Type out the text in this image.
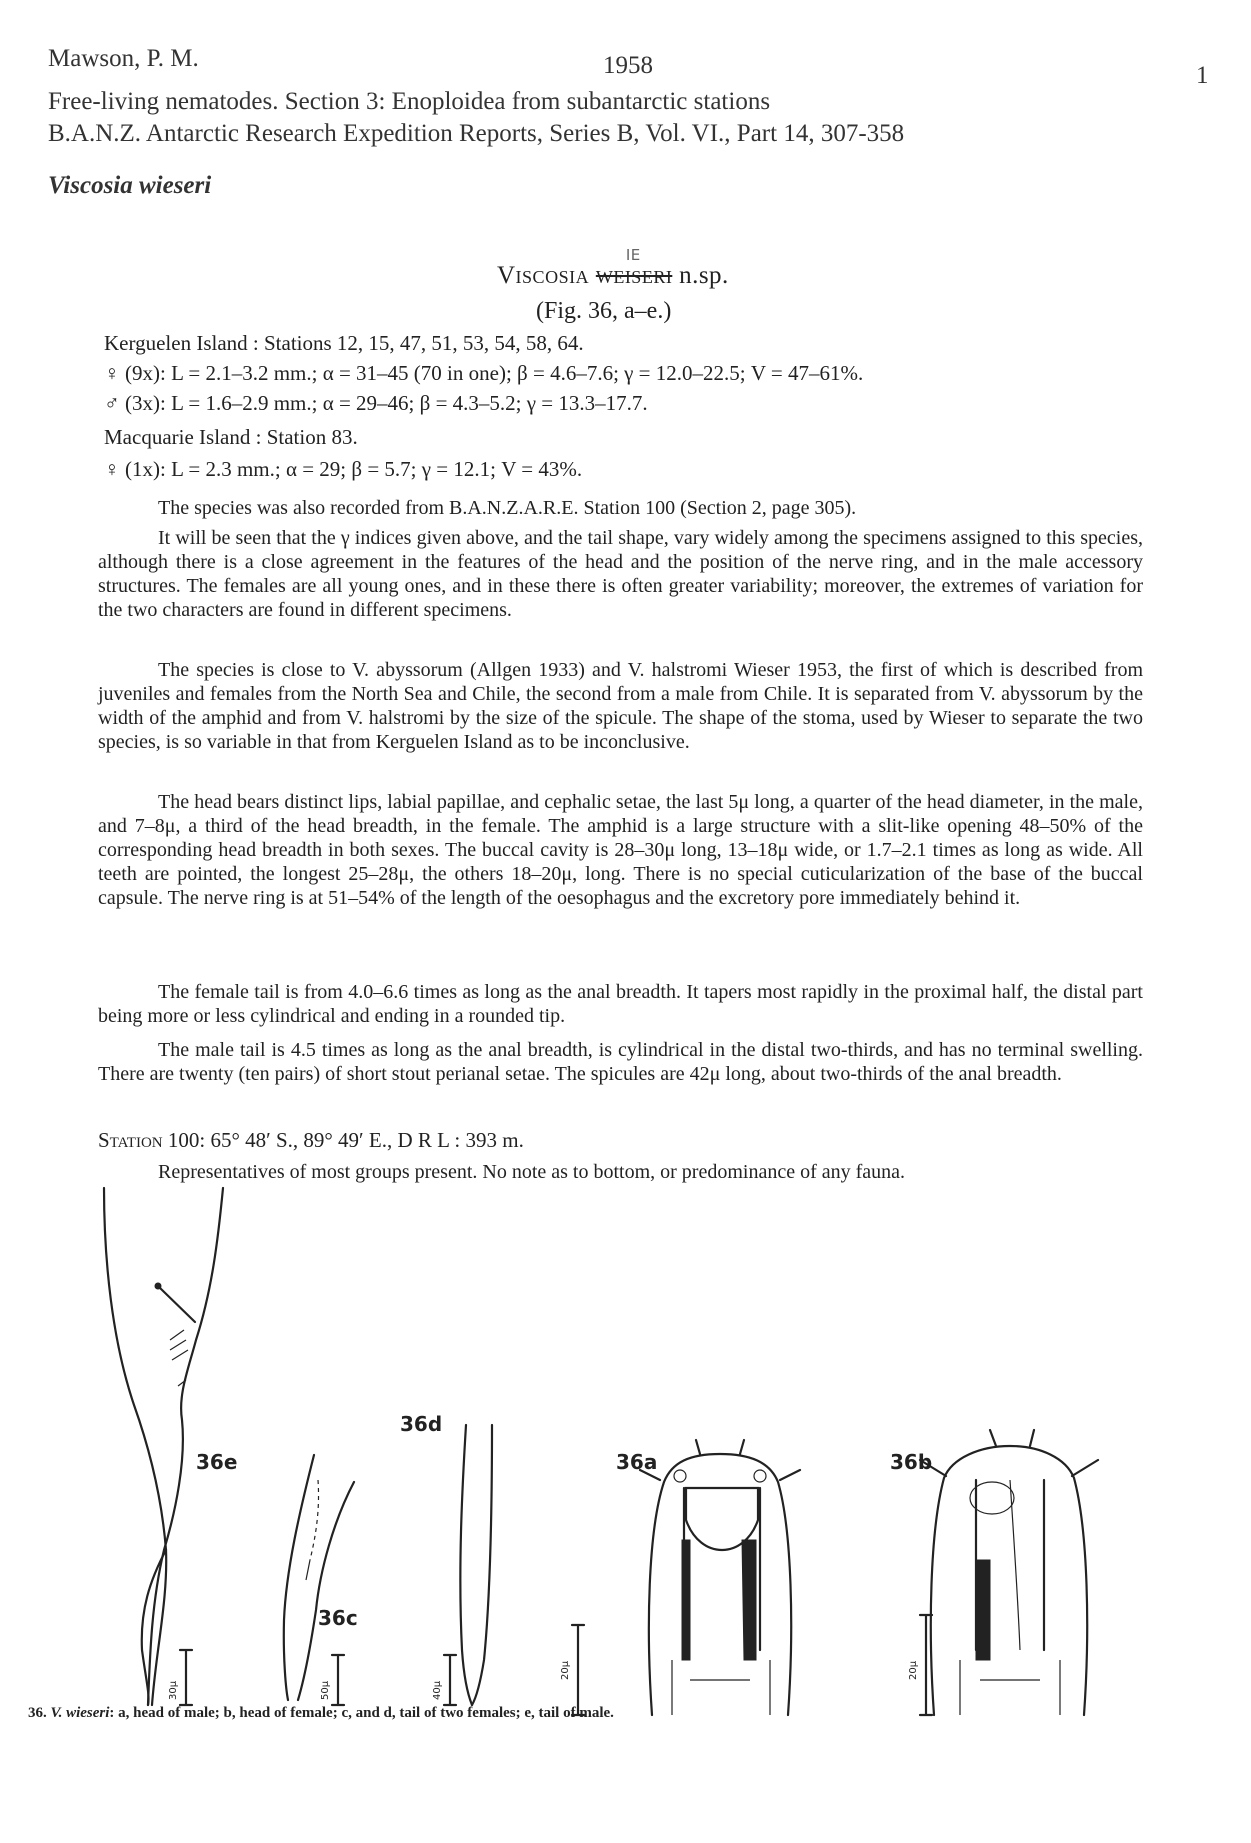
Mawson, P. M.	1958	1
Free-living nematodes. Section 3: Enoploidea from subantarctic stations
B.A.N.Z. Antarctic Research Expedition Reports, Series B, Vol. VI., Part 14, 307-358
Viscosia wieseri
Viscosia
IE
weiseri n.sp.
(Fig. 36, a–e.)
Kerguelen Island : Stations 12, 15, 47, 51, 53, 54, 58, 64.
♀ (9x): L = 2.1–3.2 mm.; α = 31–45 (70 in one); β = 4.6–7.6; γ = 12.0–22.5; V = 47–61%.
♂ (3x): L = 1.6–2.9 mm.; α = 29–46; β = 4.3–5.2; γ = 13.3–17.7.
Macquarie Island : Station 83.
♀ (1x): L = 2.3 mm.; α = 29; β = 5.7; γ = 12.1; V = 43%.
The species was also recorded from B.A.N.Z.A.R.E. Station 100 (Section 2, page 305).
It will be seen that the γ indices given above, and the tail shape, vary widely among the specimens assigned to this species, although there is a close agreement in the features of the head and the position of the nerve ring, and in the male accessory structures. The females are all young ones, and in these there is often greater variability; moreover, the extremes of variation for the two characters are found in different specimens.
The species is close to V. abyssorum (Allgen 1933) and V. halstromi Wieser 1953, the first of which is described from juveniles and females from the North Sea and Chile, the second from a male from Chile. It is separated from V. abyssorum by the width of the amphid and from V. halstromi by the size of the spicule. The shape of the stoma, used by Wieser to separate the two species, is so variable in that from Kerguelen Island as to be inconclusive.
The head bears distinct lips, labial papillae, and cephalic setae, the last 5μ long, a quarter of the head diameter, in the male, and 7–8μ, a third of the head breadth, in the female. The amphid is a large structure with a slit-like opening 48–50% of the corresponding head breadth in both sexes. The buccal cavity is 28–30μ long, 13–18μ wide, or 1.7–2.1 times as long as wide. All teeth are pointed, the longest 25–28μ, the others 18–20μ, long. There is no special cuticularization of the base of the buccal capsule. The nerve ring is at 51–54% of the length of the oesophagus and the excretory pore immediately behind it.
The female tail is from 4.0–6.6 times as long as the anal breadth. It tapers most rapidly in the proximal half, the distal part being more or less cylindrical and ending in a rounded tip.
The male tail is 4.5 times as long as the anal breadth, is cylindrical in the distal two-thirds, and has no terminal swelling. There are twenty (ten pairs) of short stout perianal setae. The spicules are 42μ long, about two-thirds of the anal breadth.
Station 100: 65° 48′ S., 89° 49′ E., D R L : 393 m.
Representatives of most groups present. No note as to bottom, or predominance of any fauna.
36e
36c
36d
36a	36b
30μ	50μ	40μ
20μ	20μ
36. V. wieseri: a, head of male; b, head of female; c, and d, tail of two females; e, tail of male.
